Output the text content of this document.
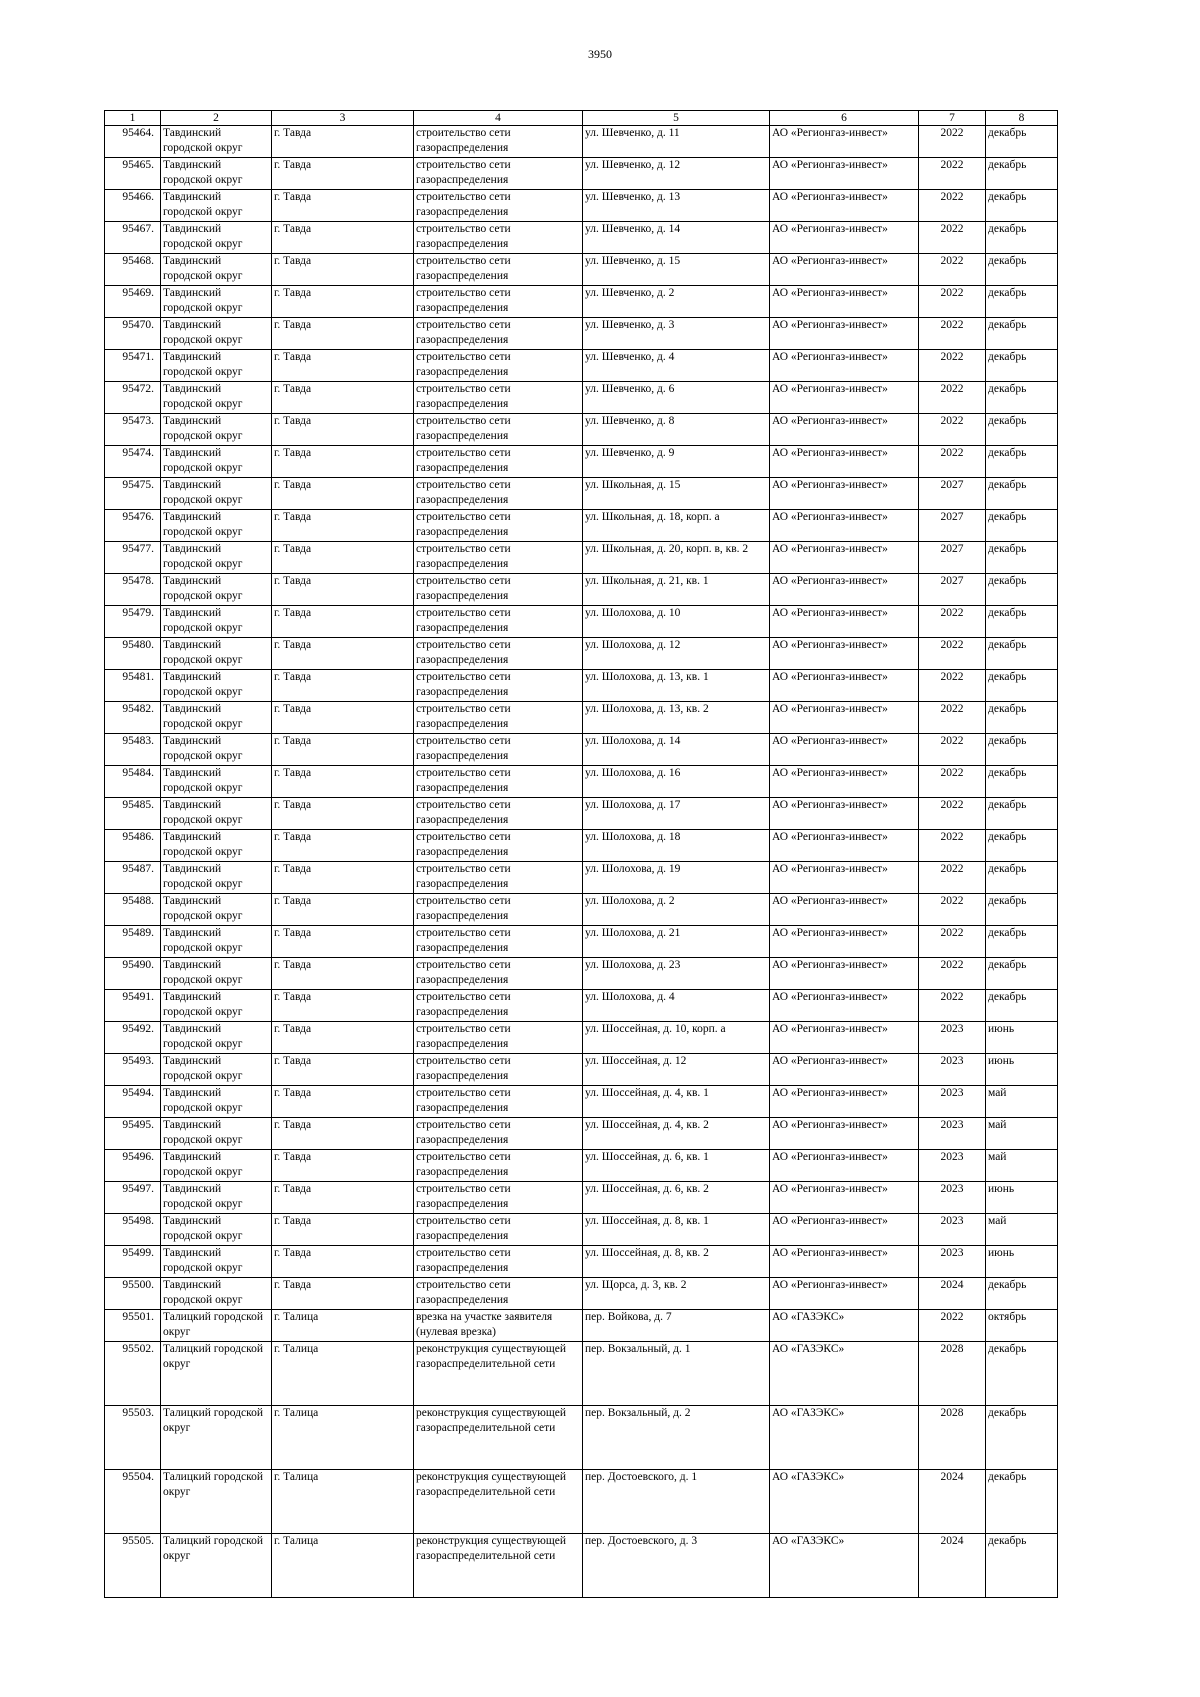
3950
1	2	3	4	5	6	7	8
95464.	Тавдинский городской округ	г. Тавда	строительство сети газораспределения	ул. Шевченко, д. 11	АО «Регионгаз-инвест»	2022	декабрь
95465.	Тавдинский городской округ	г. Тавда	строительство сети газораспределения	ул. Шевченко, д. 12	АО «Регионгаз-инвест»	2022	декабрь
95466.	Тавдинский городской округ	г. Тавда	строительство сети газораспределения	ул. Шевченко, д. 13	АО «Регионгаз-инвест»	2022	декабрь
95467.	Тавдинский городской округ	г. Тавда	строительство сети газораспределения	ул. Шевченко, д. 14	АО «Регионгаз-инвест»	2022	декабрь
95468.	Тавдинский городской округ	г. Тавда	строительство сети газораспределения	ул. Шевченко, д. 15	АО «Регионгаз-инвест»	2022	декабрь
95469.	Тавдинский городской округ	г. Тавда	строительство сети газораспределения	ул. Шевченко, д. 2	АО «Регионгаз-инвест»	2022	декабрь
95470.	Тавдинский городской округ	г. Тавда	строительство сети газораспределения	ул. Шевченко, д. 3	АО «Регионгаз-инвест»	2022	декабрь
95471.	Тавдинский городской округ	г. Тавда	строительство сети газораспределения	ул. Шевченко, д. 4	АО «Регионгаз-инвест»	2022	декабрь
95472.	Тавдинский городской округ	г. Тавда	строительство сети газораспределения	ул. Шевченко, д. 6	АО «Регионгаз-инвест»	2022	декабрь
95473.	Тавдинский городской округ	г. Тавда	строительство сети газораспределения	ул. Шевченко, д. 8	АО «Регионгаз-инвест»	2022	декабрь
95474.	Тавдинский городской округ	г. Тавда	строительство сети газораспределения	ул. Шевченко, д. 9	АО «Регионгаз-инвест»	2022	декабрь
95475.	Тавдинский городской округ	г. Тавда	строительство сети газораспределения	ул. Школьная, д. 15	АО «Регионгаз-инвест»	2027	декабрь
95476.	Тавдинский городской округ	г. Тавда	строительство сети газораспределения	ул. Школьная, д. 18, корп. а	АО «Регионгаз-инвест»	2027	декабрь
95477.	Тавдинский городской округ	г. Тавда	строительство сети газораспределения	ул. Школьная, д. 20, корп. в, кв. 2	АО «Регионгаз-инвест»	2027	декабрь
95478.	Тавдинский городской округ	г. Тавда	строительство сети газораспределения	ул. Школьная, д. 21, кв. 1	АО «Регионгаз-инвест»	2027	декабрь
95479.	Тавдинский городской округ	г. Тавда	строительство сети газораспределения	ул. Шолохова, д. 10	АО «Регионгаз-инвест»	2022	декабрь
95480.	Тавдинский городской округ	г. Тавда	строительство сети газораспределения	ул. Шолохова, д. 12	АО «Регионгаз-инвест»	2022	декабрь
95481.	Тавдинский городской округ	г. Тавда	строительство сети газораспределения	ул. Шолохова, д. 13, кв. 1	АО «Регионгаз-инвест»	2022	декабрь
95482.	Тавдинский городской округ	г. Тавда	строительство сети газораспределения	ул. Шолохова, д. 13, кв. 2	АО «Регионгаз-инвест»	2022	декабрь
95483.	Тавдинский городской округ	г. Тавда	строительство сети газораспределения	ул. Шолохова, д. 14	АО «Регионгаз-инвест»	2022	декабрь
95484.	Тавдинский городской округ	г. Тавда	строительство сети газораспределения	ул. Шолохова, д. 16	АО «Регионгаз-инвест»	2022	декабрь
95485.	Тавдинский городской округ	г. Тавда	строительство сети газораспределения	ул. Шолохова, д. 17	АО «Регионгаз-инвест»	2022	декабрь
95486.	Тавдинский городской округ	г. Тавда	строительство сети газораспределения	ул. Шолохова, д. 18	АО «Регионгаз-инвест»	2022	декабрь
95487.	Тавдинский городской округ	г. Тавда	строительство сети газораспределения	ул. Шолохова, д. 19	АО «Регионгаз-инвест»	2022	декабрь
95488.	Тавдинский городской округ	г. Тавда	строительство сети газораспределения	ул. Шолохова, д. 2	АО «Регионгаз-инвест»	2022	декабрь
95489.	Тавдинский городской округ	г. Тавда	строительство сети газораспределения	ул. Шолохова, д. 21	АО «Регионгаз-инвест»	2022	декабрь
95490.	Тавдинский городской округ	г. Тавда	строительство сети газораспределения	ул. Шолохова, д. 23	АО «Регионгаз-инвест»	2022	декабрь
95491.	Тавдинский городской округ	г. Тавда	строительство сети газораспределения	ул. Шолохова, д. 4	АО «Регионгаз-инвест»	2022	декабрь
95492.	Тавдинский городской округ	г. Тавда	строительство сети газораспределения	ул. Шоссейная, д. 10, корп. а	АО «Регионгаз-инвест»	2023	июнь
95493.	Тавдинский городской округ	г. Тавда	строительство сети газораспределения	ул. Шоссейная, д. 12	АО «Регионгаз-инвест»	2023	июнь
95494.	Тавдинский городской округ	г. Тавда	строительство сети газораспределения	ул. Шоссейная, д. 4, кв. 1	АО «Регионгаз-инвест»	2023	май
95495.	Тавдинский городской округ	г. Тавда	строительство сети газораспределения	ул. Шоссейная, д. 4, кв. 2	АО «Регионгаз-инвест»	2023	май
95496.	Тавдинский городской округ	г. Тавда	строительство сети газораспределения	ул. Шоссейная, д. 6, кв. 1	АО «Регионгаз-инвест»	2023	май
95497.	Тавдинский городской округ	г. Тавда	строительство сети газораспределения	ул. Шоссейная, д. 6, кв. 2	АО «Регионгаз-инвест»	2023	июнь
95498.	Тавдинский городской округ	г. Тавда	строительство сети газораспределения	ул. Шоссейная, д. 8, кв. 1	АО «Регионгаз-инвест»	2023	май
95499.	Тавдинский городской округ	г. Тавда	строительство сети газораспределения	ул. Шоссейная, д. 8, кв. 2	АО «Регионгаз-инвест»	2023	июнь
95500.	Тавдинский городской округ	г. Тавда	строительство сети газораспределения	ул. Щорса, д. 3, кв. 2	АО «Регионгаз-инвест»	2024	декабрь
95501.	Талицкий городской округ	г. Талица	врезка на участке заявителя (нулевая врезка)	пер. Войкова, д. 7	АО «ГАЗЭКС»	2022	октябрь
95502.	Талицкий городской округ	г. Талица	реконструкция существующей газораспределительной сети	пер. Вокзальный, д. 1	АО «ГАЗЭКС»	2028	декабрь
95503.	Талицкий городской округ	г. Талица	реконструкция существующей газораспределительной сети	пер. Вокзальный, д. 2	АО «ГАЗЭКС»	2028	декабрь
95504.	Талицкий городской округ	г. Талица	реконструкция существующей газораспределительной сети	пер. Достоевского, д. 1	АО «ГАЗЭКС»	2024	декабрь
95505.	Талицкий городской округ	г. Талица	реконструкция существующей газораспределительной сети	пер. Достоевского, д. 3	АО «ГАЗЭКС»	2024	декабрь
